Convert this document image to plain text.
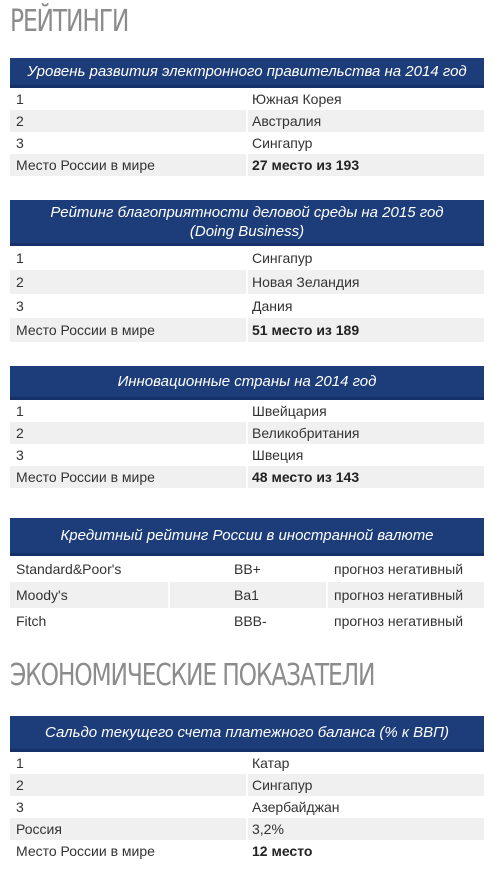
РЕЙТИНГИ
Уровень развития электронного правительства на 2014 год
1	Южная Корея
2	Австралия
3	Сингапур
Место России в мире	27 место из 193
Рейтинг благоприятности деловой среды на 2015 год
(Doing Business)
1	Сингапур
2	Новая Зеландия
3	Дания
Место России в мире	51 место из 189
Инновационные страны на 2014 год
1	Швейцария
2	Великобритания
3	Швеция
Место России в мире	48 место из 143
Кредитный рейтинг России в иностранной валюте
Standard&Poor's	BB+	прогноз негативный
Moody's	Ba1	прогноз негативный
Fitch	BBB-	прогноз негативный
ЭКОНОМИЧЕСКИЕ ПОКАЗАТЕЛИ
Сальдо текущего счета платежного баланса (% к ВВП)
1	Катар
2	Сингапур
3	Азербайджан
Россия	3,2%
Место России в мире	12 место
